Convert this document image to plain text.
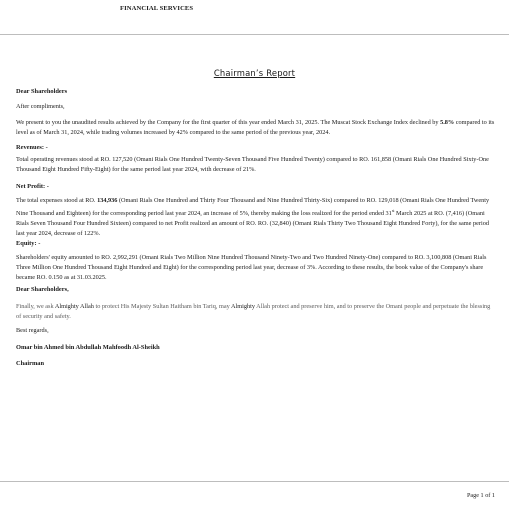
FINANCIAL SERVICES
Chairman’s Report
Dear Shareholders
After compliments,
We present to you the unaudited results achieved by the Company for the first quarter of this year ended March 31, 2025. The Muscat Stock Exchange Index declined by 5.8% compared to its level as of March 31, 2024, while trading volumes increased by 42% compared to the same period of the previous year, 2024.
Revenues: -
Total operating revenues stood at RO. 127,520 (Omani Rials One Hundred Twenty-Seven Thousand Five Hundred Twenty) compared to RO. 161,858 (Omani Rials One Hundred Sixty-One Thousand Eight Hundred Fifty-Eight) for the same period last year 2024, with decrease of 21%.
Net Profit: -
The total expenses stood at RO. 134,936 (Omani Rials One Hundred and Thirty Four Thousand and Nine Hundred Thirty-Six) compared to RO. 129,018 (Omani Rials One Hundred Twenty Nine Thousand and Eighteen) for the corresponding period last year 2024, an increase of 5%, thereby making the loss realized for the period ended 31st March 2025 at RO. (7,416) (Omani Rials Seven Thousand Four Hundred Sixteen) compared to net Profit realized an amount of RO. RO. (32,840) (Omani Rials Thirty Two Thousand Eight Hundred Forty), for the same period last year 2024, decrease of 122%.
Equity: -
Shareholders' equity amounted to RO. 2,992,291 (Omani Rials Two Million Nine Hundred Thousand Ninety-Two and Two Hundred Ninety-One) compared to RO. 3,100,808 (Omani Rials Three Million One Hundred Thousand Eight Hundred and Eight) for the corresponding period last year, decrease of 3%. According to these results, the book value of the Company's share became RO. 0.150 as at 31.03.2025.
Dear Shareholders,
Finally, we ask Almighty Allah to protect His Majesty Sultan Haitham bin Tariq, may Almighty Allah protect and preserve him, and to preserve the Omani people and perpetuate the blessing of security and safety.
Best regards,
Omar bin Ahmed bin Abdullah Mahfoodh Al-Sheikh
Chairman
Page 1 of 1
